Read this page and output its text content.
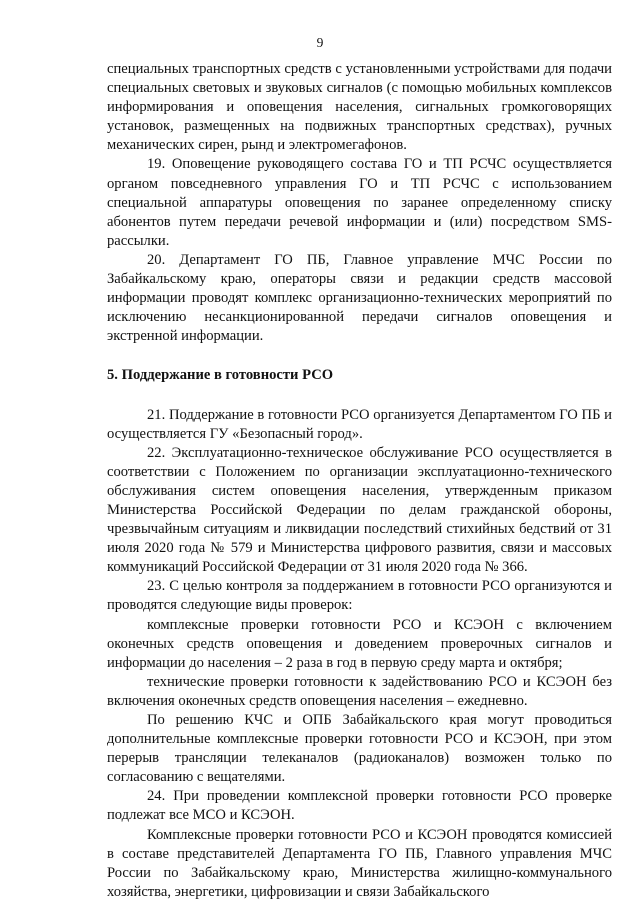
9
специальных транспортных средств с установленными устройствами для подачи специальных световых и звуковых сигналов (с помощью мобильных комплексов информирования и оповещения населения, сигнальных громкоговорящих установок, размещенных на подвижных транспортных средствах), ручных механических сирен, рынд и электромегафонов.
19. Оповещение руководящего состава ГО и ТП РСЧС осуществляется органом повседневного управления ГО и ТП РСЧС с использованием специальной аппаратуры оповещения по заранее определенному списку абонентов путем передачи речевой информации и (или) посредством SMS-рассылки.
20. Департамент ГО ПБ, Главное управление МЧС России по Забайкальскому краю, операторы связи и редакции средств массовой информации проводят комплекс организационно-технических мероприятий по исключению несанкционированной передачи сигналов оповещения и экстренной информации.
5. Поддержание в готовности РСО
21. Поддержание в готовности РСО организуется Департаментом ГО ПБ и осуществляется ГУ «Безопасный город».
22. Эксплуатационно-техническое обслуживание РСО осуществляется в соответствии с Положением по организации эксплуатационно-технического обслуживания систем оповещения населения, утвержденным приказом Министерства Российской Федерации по делам гражданской обороны, чрезвычайным ситуациям и ликвидации последствий стихийных бедствий от 31 июля 2020 года № 579 и Министерства цифрового развития, связи и массовых коммуникаций Российской Федерации от 31 июля 2020 года № 366.
23. С целью контроля за поддержанием в готовности РСО организуются и проводятся следующие виды проверок:
комплексные проверки готовности РСО и КСЭОН с включением оконечных средств оповещения и доведением проверочных сигналов и информации до населения – 2 раза в год в первую среду марта и октября;
технические проверки готовности к задействованию РСО и КСЭОН без включения оконечных средств оповещения населения – ежедневно.
По решению КЧС и ОПБ Забайкальского края могут проводиться дополнительные комплексные проверки готовности РСО и КСЭОН, при этом перерыв трансляции телеканалов (радиоканалов) возможен только по согласованию с вещателями.
24. При проведении комплексной проверки готовности РСО проверке подлежат все МСО и КСЭОН.
Комплексные проверки готовности РСО и КСЭОН проводятся комиссией в составе представителей Департамента ГО ПБ, Главного управления МЧС России по Забайкальскому краю, Министерства жилищно-коммунального хозяйства, энергетики, цифровизации и связи Забайкальского
